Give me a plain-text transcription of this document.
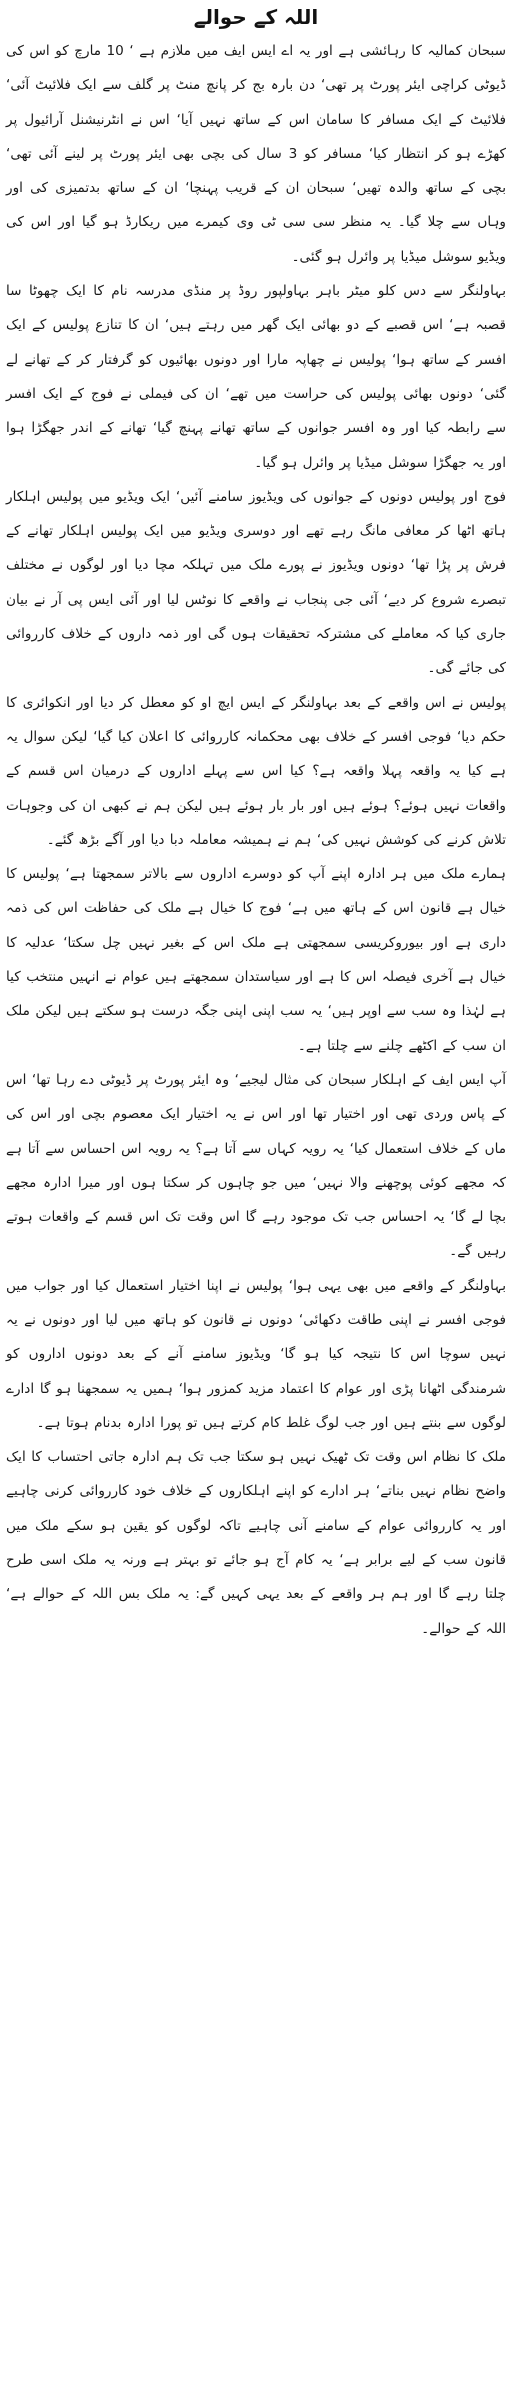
اللہ کے حوالے

سبحان کمالیہ کا رہائشی ہے اور یہ اے ایس ایف میں ملازم ہے ‘ 10 مارچ کو اس کی ڈیوٹی کراچی ایئر پورٹ پر تھی‘ دن بارہ بج کر پانچ منٹ پر گلف سے ایک فلائیٹ آئی‘ فلائیٹ کے ایک مسافر کا سامان اس کے ساتھ نہیں آیا‘ اس نے انٹرنیشنل آرائیول پر کھڑے ہو کر انتظار کیا‘ مسافر کو 3 سال کی بچی بھی ایئر پورٹ پر لینے آئی تھی‘ بچی کے ساتھ والدہ تھیں‘ سبحان ان کے قریب پہنچا‘ ان کے ساتھ بدتمیزی کی اور وہاں سے چلا گیا۔ یہ منظر سی سی ٹی وی کیمرے میں ریکارڈ ہو گیا اور اس کی ویڈیو سوشل میڈیا پر وائرل ہو گئی۔

بہاولنگر سے دس کلو میٹر باہر بہاولپور روڈ پر منڈی مدرسہ نام کا ایک چھوٹا سا قصبہ ہے‘ اس قصبے کے دو بھائی ایک گھر میں رہتے ہیں‘ ان کا تنازع پولیس کے ایک افسر کے ساتھ ہوا‘ پولیس نے چھاپہ مارا اور دونوں بھائیوں کو گرفتار کر کے تھانے لے گئی‘ دونوں بھائی پولیس کی حراست میں تھے‘ ان کی فیملی نے فوج کے ایک افسر سے رابطہ کیا اور وہ افسر جوانوں کے ساتھ تھانے پہنچ گیا‘ تھانے کے اندر جھگڑا ہوا اور یہ جھگڑا سوشل میڈیا پر وائرل ہو گیا۔

فوج اور پولیس دونوں کے جوانوں کی ویڈیوز سامنے آئیں‘ ایک ویڈیو میں پولیس اہلکار ہاتھ اٹھا کر معافی مانگ رہے تھے اور دوسری ویڈیو میں ایک پولیس اہلکار تھانے کے فرش پر پڑا تھا‘ دونوں ویڈیوز نے پورے ملک میں تہلکہ مچا دیا اور لوگوں نے مختلف تبصرے شروع کر دیے‘ آئی جی پنجاب نے واقعے کا نوٹس لیا اور آئی ایس پی آر نے بیان جاری کیا کہ معاملے کی مشترکہ تحقیقات ہوں گی اور ذمہ داروں کے خلاف کارروائی کی جائے گی۔

پولیس نے اس واقعے کے بعد بہاولنگر کے ایس ایچ او کو معطل کر دیا اور انکوائری کا حکم دیا‘ فوجی افسر کے خلاف بھی محکمانہ کارروائی کا اعلان کیا گیا‘ لیکن سوال یہ ہے کیا یہ واقعہ پہلا واقعہ ہے؟ کیا اس سے پہلے اداروں کے درمیان اس قسم کے واقعات نہیں ہوئے؟ ہوئے ہیں اور بار بار ہوئے ہیں لیکن ہم نے کبھی ان کی وجوہات تلاش کرنے کی کوشش نہیں کی‘ ہم نے ہمیشہ معاملہ دبا دیا اور آگے بڑھ گئے۔

ہمارے ملک میں ہر ادارہ اپنے آپ کو دوسرے اداروں سے بالاتر سمجھتا ہے‘ پولیس کا خیال ہے قانون اس کے ہاتھ میں ہے‘ فوج کا خیال ہے ملک کی حفاظت اس کی ذمہ داری ہے اور بیوروکریسی سمجھتی ہے ملک اس کے بغیر نہیں چل سکتا‘ عدلیہ کا خیال ہے آخری فیصلہ اس کا ہے اور سیاستدان سمجھتے ہیں عوام نے انہیں منتخب کیا ہے لہٰذا وہ سب سے اوپر ہیں‘ یہ سب اپنی اپنی جگہ درست ہو سکتے ہیں لیکن ملک ان سب کے اکٹھے چلنے سے چلتا ہے۔

آپ ایس ایف کے اہلکار سبحان کی مثال لیجیے‘ وہ ایئر پورٹ پر ڈیوٹی دے رہا تھا‘ اس کے پاس وردی تھی اور اختیار تھا اور اس نے یہ اختیار ایک معصوم بچی اور اس کی ماں کے خلاف استعمال کیا‘ یہ رویہ کہاں سے آتا ہے؟ یہ رویہ اس احساس سے آتا ہے کہ مجھے کوئی پوچھنے والا نہیں‘ میں جو چاہوں کر سکتا ہوں اور میرا ادارہ مجھے بچا لے گا‘ یہ احساس جب تک موجود رہے گا اس وقت تک اس قسم کے واقعات ہوتے رہیں گے۔

بہاولنگر کے واقعے میں بھی یہی ہوا‘ پولیس نے اپنا اختیار استعمال کیا اور جواب میں فوجی افسر نے اپنی طاقت دکھائی‘ دونوں نے قانون کو ہاتھ میں لیا اور دونوں نے یہ نہیں سوچا اس کا نتیجہ کیا ہو گا‘ ویڈیوز سامنے آنے کے بعد دونوں اداروں کو شرمندگی اٹھانا پڑی اور عوام کا اعتماد مزید کمزور ہوا‘ ہمیں یہ سمجھنا ہو گا ادارے لوگوں سے بنتے ہیں اور جب لوگ غلط کام کرتے ہیں تو پورا ادارہ بدنام ہوتا ہے۔

ملک کا نظام اس وقت تک ٹھیک نہیں ہو سکتا جب تک ہم ادارہ جاتی احتساب کا ایک واضح نظام نہیں بناتے‘ ہر ادارے کو اپنے اہلکاروں کے خلاف خود کارروائی کرنی چاہیے اور یہ کارروائی عوام کے سامنے آنی چاہیے تاکہ لوگوں کو یقین ہو سکے ملک میں قانون سب کے لیے برابر ہے‘ یہ کام آج ہو جائے تو بہتر ہے ورنہ یہ ملک اسی طرح چلتا رہے گا اور ہم ہر واقعے کے بعد یہی کہیں گے: یہ ملک بس اللہ کے حوالے ہے‘ اللہ کے حوالے۔
